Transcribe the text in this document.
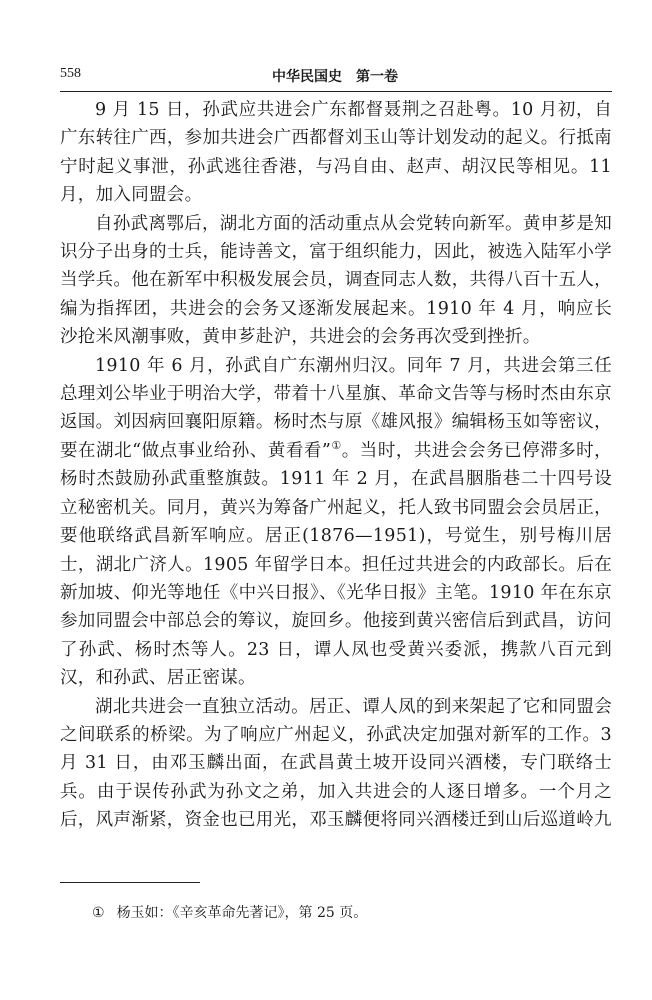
558	中华民国史　第一卷

9 月 15 日，孙武应共进会广东都督聂荆之召赴粤。10 月初，自广东转往广西，参加共进会广西都督刘玉山等计划发动的起义。行抵南宁时起义事泄，孙武逃往香港，与冯自由、赵声、胡汉民等相见。11 月，加入同盟会。

自孙武离鄂后，湖北方面的活动重点从会党转向新军。黄申芗是知识分子出身的士兵，能诗善文，富于组织能力，因此，被选入陆军小学当学兵。他在新军中积极发展会员，调查同志人数，共得八百十五人，编为指挥团，共进会的会务又逐渐发展起来。1910 年 4 月，响应长沙抢米风潮事败，黄申芗赴沪，共进会的会务再次受到挫折。

1910 年 6 月，孙武自广东潮州归汉。同年 7 月，共进会第三任总理刘公毕业于明治大学，带着十八星旗、革命文告等与杨时杰由东京返国。刘因病回襄阳原籍。杨时杰与原《雄风报》编辑杨玉如等密议，要在湖北“做点事业给孙、黄看看”①。当时，共进会会务已停滞多时，杨时杰鼓励孙武重整旗鼓。1911 年 2 月，在武昌胭脂巷二十四号设立秘密机关。同月，黄兴为筹备广州起义，托人致书同盟会会员居正，要他联络武昌新军响应。居正(1876—1951)，号觉生，别号梅川居士，湖北广济人。1905 年留学日本。担任过共进会的内政部长。后在新加坡、仰光等地任《中兴日报》、《光华日报》主笔。1910 年在东京参加同盟会中部总会的筹议，旋回乡。他接到黄兴密信后到武昌，访问了孙武、杨时杰等人。23 日，谭人凤也受黄兴委派，携款八百元到汉，和孙武、居正密谋。

湖北共进会一直独立活动。居正、谭人凤的到来架起了它和同盟会之间联系的桥梁。为了响应广州起义，孙武决定加强对新军的工作。3 月 31 日，由邓玉麟出面，在武昌黄土坡开设同兴酒楼，专门联络士兵。由于误传孙武为孙文之弟，加入共进会的人逐日增多。一个月之后，风声渐紧，资金也已用光，邓玉麟便将同兴酒楼迁到山后巡道岭九

① 杨玉如：《辛亥革命先著记》，第 25 页。
